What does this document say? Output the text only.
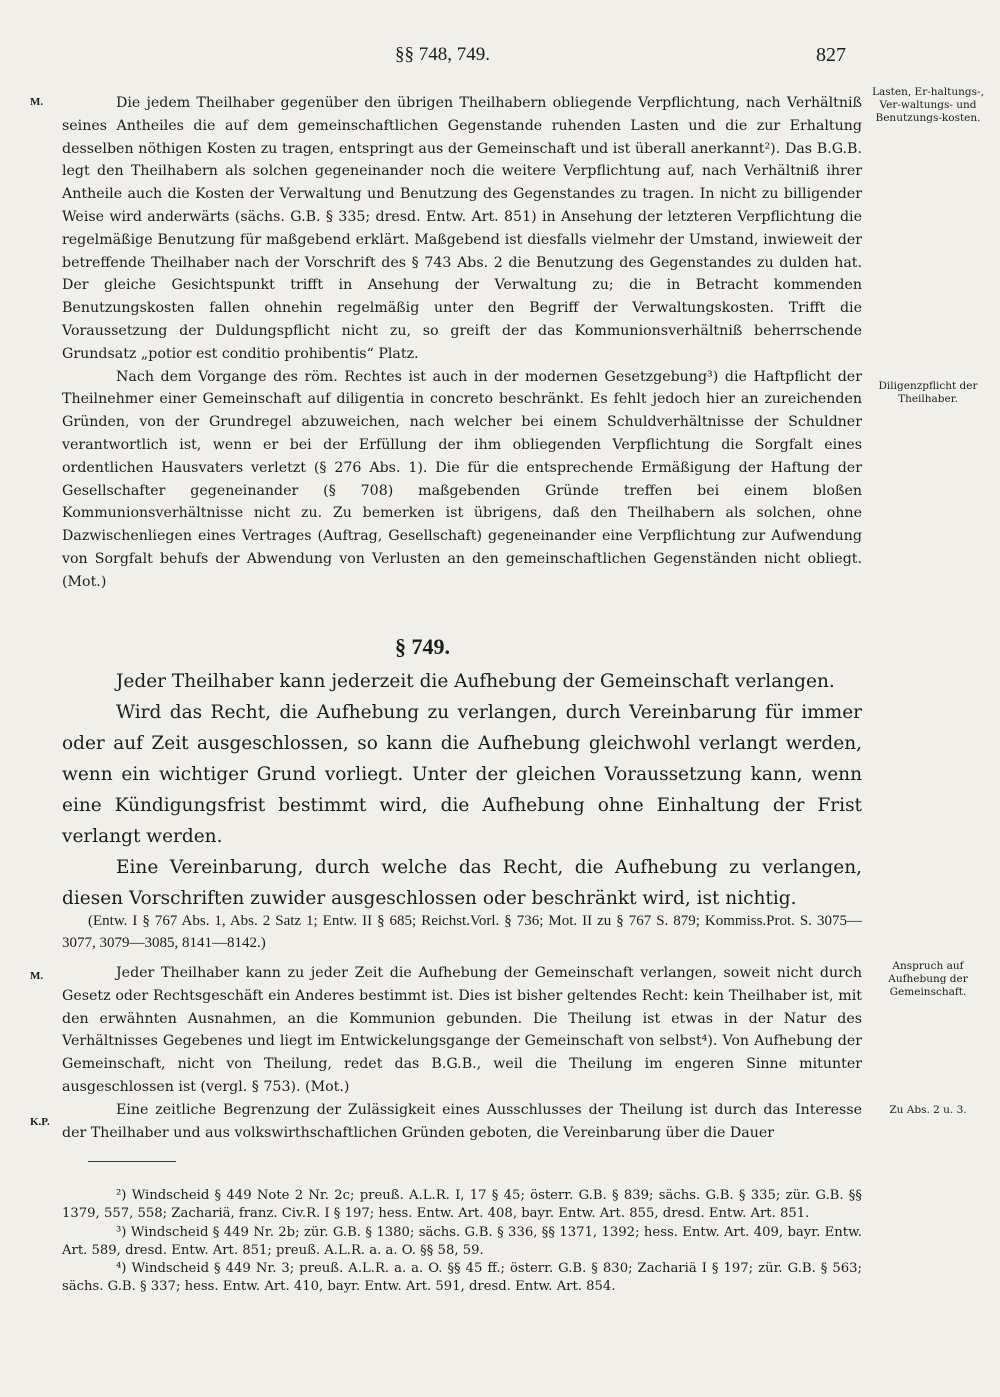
§§ 748, 749.	827
M.
Lasten, Er-haltungs-, Ver-waltungs- und Benutzungs-kosten.

Die jedem Theilhaber gegenüber den übrigen Theilhabern obliegende Verpflichtung, nach Verhältniß seines Antheiles die auf dem gemeinschaftlichen Gegenstande ruhenden Lasten und die zur Erhaltung desselben nöthigen Kosten zu tragen, entspringt aus der Gemeinschaft und ist überall anerkannt²). Das B.G.B. legt den Theilhabern als solchen gegeneinander noch die weitere Verpflichtung auf, nach Verhältniß ihrer Antheile auch die Kosten der Verwaltung und Benutzung des Gegenstandes zu tragen. In nicht zu billigender Weise wird anderwärts (sächs. G.B. § 335; dresd. Entw. Art. 851) in Ansehung der letzteren Verpflichtung die regelmäßige Benutzung für maßgebend erklärt. Maßgebend ist diesfalls vielmehr der Umstand, inwieweit der betreffende Theilhaber nach der Vorschrift des § 743 Abs. 2 die Benutzung des Gegenstandes zu dulden hat. Der gleiche Gesichtspunkt trifft in Ansehung der Verwaltung zu; die in Betracht kommenden Benutzungskosten fallen ohnehin regelmäßig unter den Begriff der Verwaltungskosten. Trifft die Voraussetzung der Duldungspflicht nicht zu, so greift der das Kommunionsverhältniß beherrschende Grundsatz „potior est conditio prohibentis“ Platz.

Nach dem Vorgange des röm. Rechtes ist auch in der modernen Gesetzgebung³) die Haftpflicht der Theilnehmer einer Gemeinschaft auf diligentia in concreto beschränkt. Es fehlt jedoch hier an zureichenden Gründen, von der Grundregel abzuweichen, nach welcher bei einem Schuldverhältnisse der Schuldner verantwortlich ist, wenn er bei der Erfüllung der ihm obliegenden Verpflichtung die Sorgfalt eines ordentlichen Hausvaters verletzt (§ 276 Abs. 1). Die für die entsprechende Ermäßigung der Haftung der Gesellschafter gegeneinander (§ 708) maßgebenden Gründe treffen bei einem bloßen Kommunionsverhältnisse nicht zu. Zu bemerken ist übrigens, daß den Theilhabern als solchen, ohne Dazwischenliegen eines Vertrages (Auftrag, Gesellschaft) gegeneinander eine Verpflichtung zur Aufwendung von Sorgfalt behufs der Abwendung von Verlusten an den gemeinschaftlichen Gegenständen nicht obliegt. (Mot.)

Diligenzpflicht der Theilhaber.
§ 749.

Jeder Theilhaber kann jederzeit die Aufhebung der Gemeinschaft verlangen.

Wird das Recht, die Aufhebung zu verlangen, durch Vereinbarung für immer oder auf Zeit ausgeschlossen, so kann die Aufhebung gleichwohl verlangt werden, wenn ein wichtiger Grund vorliegt. Unter der gleichen Voraussetzung kann, wenn eine Kündigungsfrist bestimmt wird, die Aufhebung ohne Einhaltung der Frist verlangt werden.

Eine Vereinbarung, durch welche das Recht, die Aufhebung zu verlangen, diesen Vorschriften zuwider ausgeschlossen oder beschränkt wird, ist nichtig.

(Entw. I § 767 Abs. 1, Abs. 2 Satz 1; Entw. II § 685; Reichst.Vorl. § 736; Mot. II zu § 767 S. 879; Kommiss.Prot. S. 3075—3077, 3079—3085, 8141—8142.)
M.
K.P.
Anspruch auf Aufhebung der Gemeinschaft.
Zu Abs. 2 u. 3.

Jeder Theilhaber kann zu jeder Zeit die Aufhebung der Gemeinschaft verlangen, soweit nicht durch Gesetz oder Rechtsgeschäft ein Anderes bestimmt ist. Dies ist bisher geltendes Recht: kein Theilhaber ist, mit den erwähnten Ausnahmen, an die Kommunion gebunden. Die Theilung ist etwas in der Natur des Verhältnisses Gegebenes und liegt im Entwickelungsgange der Gemeinschaft von selbst⁴). Von Aufhebung der Gemeinschaft, nicht von Theilung, redet das B.G.B., weil die Theilung im engeren Sinne mitunter ausgeschlossen ist (vergl. § 753). (Mot.)

Eine zeitliche Begrenzung der Zulässigkeit eines Ausschlusses der Theilung ist durch das Interesse der Theilhaber und aus volkswirthschaftlichen Gründen geboten, die Vereinbarung über die Dauer

²) Windscheid § 449 Note 2 Nr. 2c; preuß. A.L.R. I, 17 § 45; österr. G.B. § 839; sächs. G.B. § 335; zür. G.B. §§ 1379, 557, 558; Zachariä, franz. Civ.R. I § 197; hess. Entw. Art. 408, bayr. Entw. Art. 855, dresd. Entw. Art. 851.

³) Windscheid § 449 Nr. 2b; zür. G.B. § 1380; sächs. G.B. § 336, §§ 1371, 1392; hess. Entw. Art. 409, bayr. Entw. Art. 589, dresd. Entw. Art. 851; preuß. A.L.R. a. a. O. §§ 58, 59.

⁴) Windscheid § 449 Nr. 3; preuß. A.L.R. a. a. O. §§ 45 ff.; österr. G.B. § 830; Zachariä I § 197; zür. G.B. § 563; sächs. G.B. § 337; hess. Entw. Art. 410, bayr. Entw. Art. 591, dresd. Entw. Art. 854.
